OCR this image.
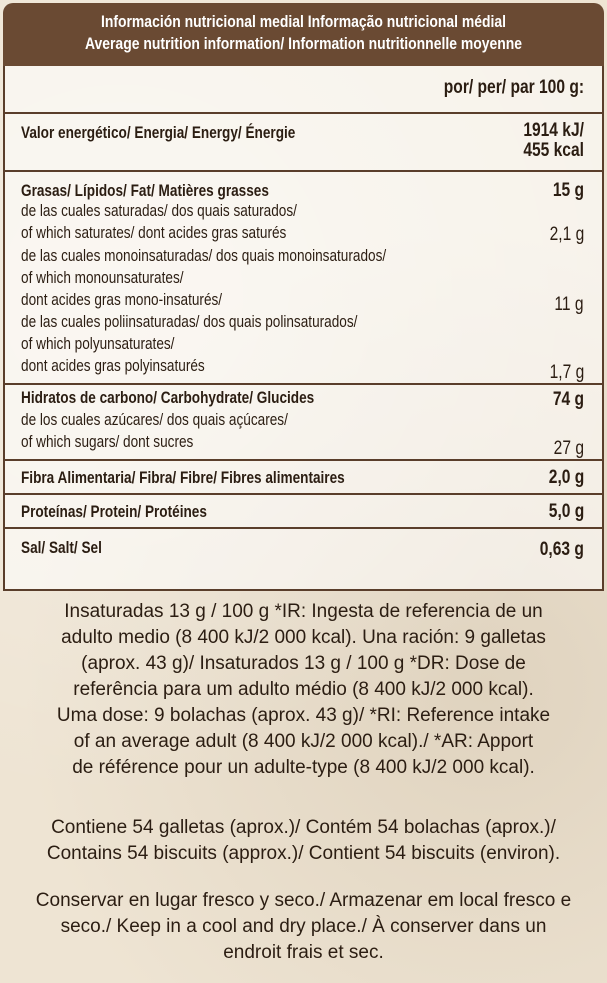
Información nutricional medial Informação nutricional médial
Average nutrition information/ Information nutritionnelle moyenne
por/ per/ par 100 g:
Valor energético/ Energia/ Energy/ Énergie	1914 kJ/
455 kcal
Grasas/ Lípidos/ Fat/ Matières grasses	15 g
de las cuales saturadas/ dos quais saturados/
of which saturates/ dont acides gras saturés	2,1 g
de las cuales monoinsaturadas/ dos quais monoinsaturados/
of which monounsaturates/
dont acides gras mono-insaturés/	11 g
de las cuales poliinsaturadas/ dos quais polinsaturados/
of which polyunsaturates/
dont acides gras polyinsaturés	1,7 g
Hidratos de carbono/ Carbohydrate/ Glucides	74 g
de los cuales azúcares/ dos quais açúcares/
of which sugars/ dont sucres	27 g
Fibra Alimentaria/ Fibra/ Fibre/ Fibres alimentaires	2,0 g
Proteínas/ Protein/ Protéines	5,0 g
Sal/ Salt/ Sel	0,63 g
Insaturadas 13 g / 100 g *IR: Ingesta de referencia de un
adulto medio (8 400 kJ/2 000 kcal). Una ración: 9 galletas
(aprox. 43 g)/ Insaturados 13 g / 100 g *DR: Dose de
referência para um adulto médio (8 400 kJ/2 000 kcal).
Uma dose: 9 bolachas (aprox. 43 g)/ *RI: Reference intake
of an average adult (8 400 kJ/2 000 kcal)./ *AR: Apport
de référence pour un adulte-type (8 400 kJ/2 000 kcal).
Contiene 54 galletas (aprox.)/ Contém 54 bolachas (aprox.)/
Contains 54 biscuits (approx.)/ Contient 54 biscuits (environ).
Conservar en lugar fresco y seco./ Armazenar em local fresco e
seco./ Keep in a cool and dry place./ À conserver dans un
endroit frais et sec.
